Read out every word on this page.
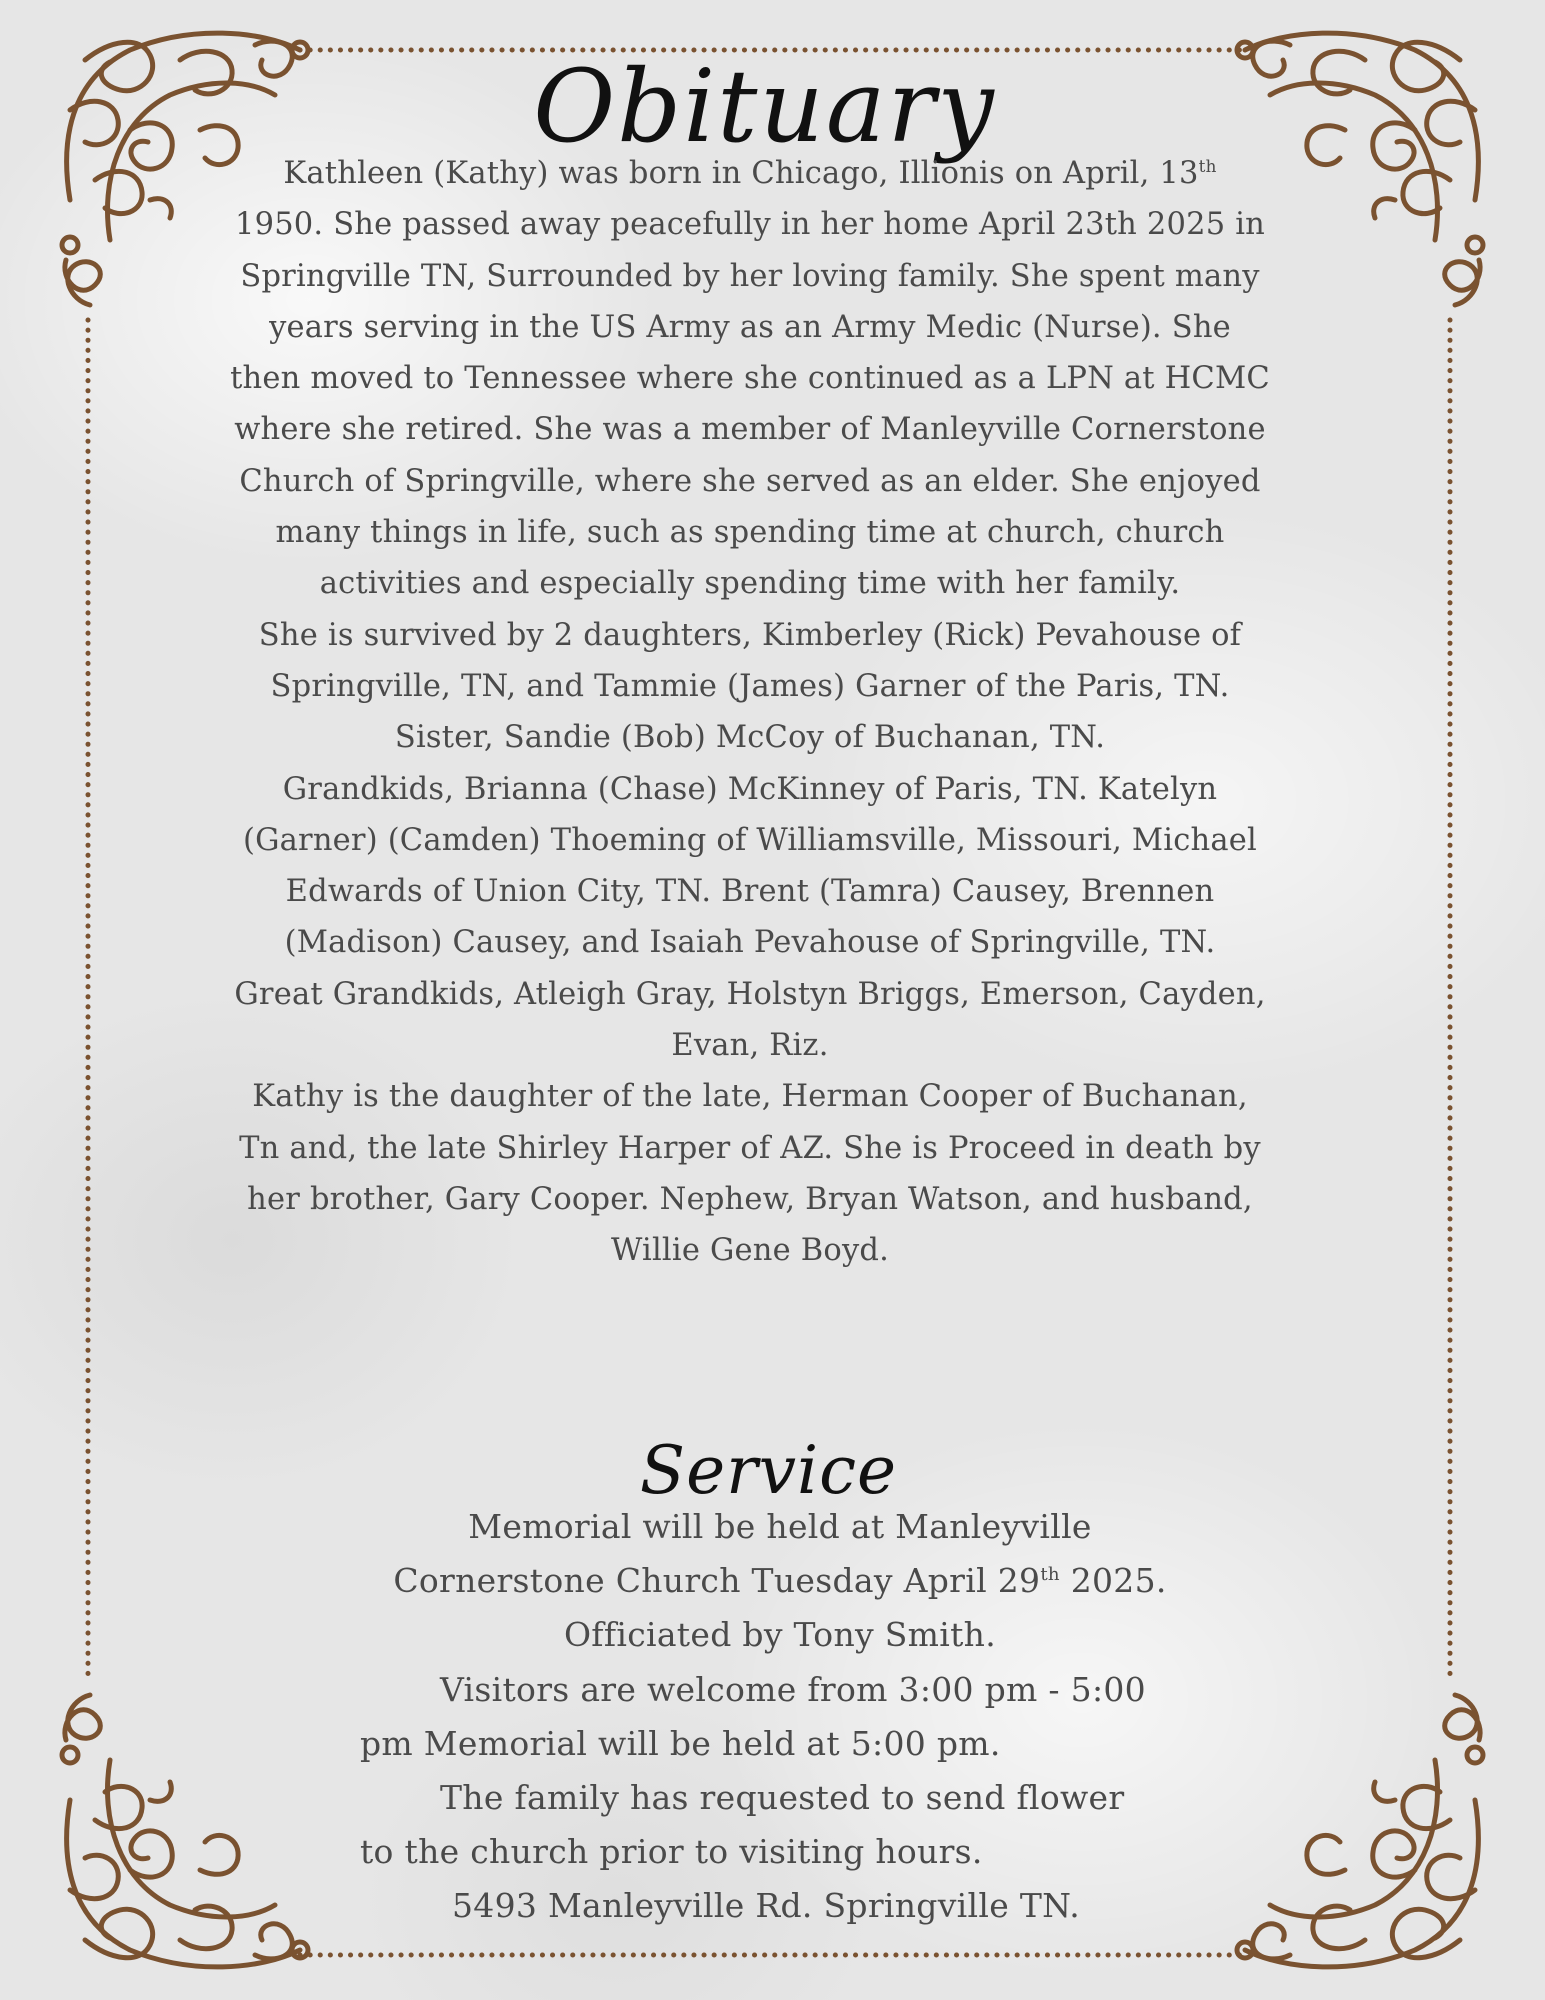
Obituary

Kathleen (Kathy) was born in Chicago, Illionis on April, 13th

1950. She passed away peacefully in her home April 23th 2025 in Springville TN, Surrounded by her loving family. She spent many years serving in the US Army as an Army Medic (Nurse). She then moved to Tennessee where she continued as a LPN at HCMC where she retired. She was a member of Manleyville Cornerstone Church of Springville, where she served as an elder. She enjoyed many things in life, such as spending time at church, church activities and especially spending time with her family.

She is survived by 2 daughters, Kimberley (Rick) Pevahouse of Springville, TN, and Tammie (James) Garner of the Paris, TN.

Sister, Sandie (Bob) McCoy of Buchanan, TN.

Grandkids, Brianna (Chase) McKinney of Paris, TN. Katelyn (Garner) (Camden) Thoeming of Williamsville, Missouri, Michael Edwards of Union City, TN. Brent (Tamra) Causey, Brennen (Madison) Causey, and Isaiah Pevahouse of Springville, TN.

Great Grandkids, Atleigh Gray, Holstyn Briggs, Emerson, Cayden, Evan, Riz.

Kathy is the daughter of the late, Herman Cooper of Buchanan, Tn and, the late Shirley Harper of AZ. She is Proceed in death by her brother, Gary Cooper. Nephew, Bryan Watson, and husband, Willie Gene Boyd.

Service

Memorial will be held at Manleyville

Cornerstone Church Tuesday April 29th 2025.

Officiated by Tony Smith.

Visitors are welcome from 3:00 pm - 5:00 pm Memorial will be held at 5:00 pm.

The family has requested to send flower to the church prior to visiting hours.

5493 Manleyville Rd. Springville TN.
